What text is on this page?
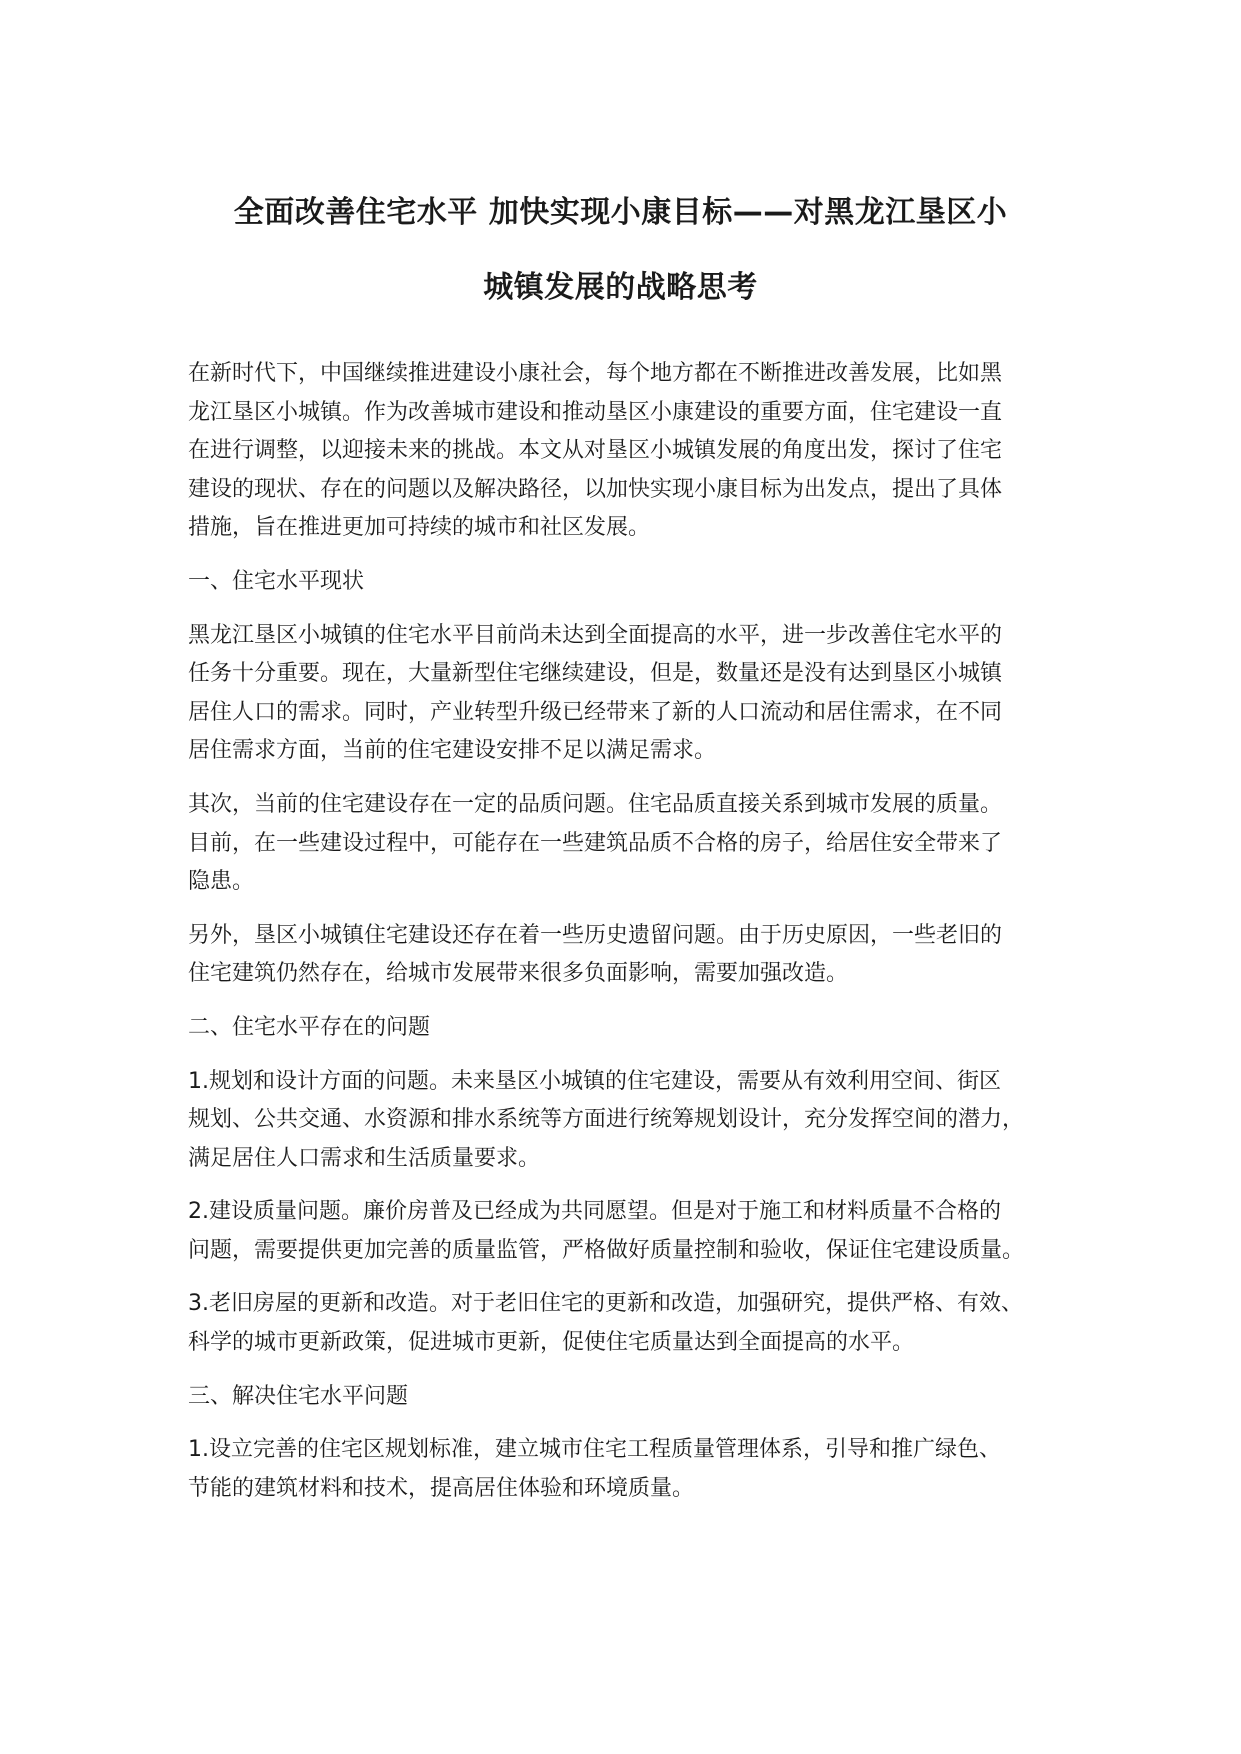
全面改善住宅水平 加快实现小康目标——对黑龙江垦区小
城镇发展的战略思考
在新时代下，中国继续推进建设小康社会，每个地方都在不断推进改善发展，比如黑
龙江垦区小城镇。作为改善城市建设和推动垦区小康建设的重要方面，住宅建设一直
在进行调整，以迎接未来的挑战。本文从对垦区小城镇发展的角度出发，探讨了住宅
建设的现状、存在的问题以及解决路径，以加快实现小康目标为出发点，提出了具体
措施，旨在推进更加可持续的城市和社区发展。
一、住宅水平现状
黑龙江垦区小城镇的住宅水平目前尚未达到全面提高的水平，进一步改善住宅水平的
任务十分重要。现在，大量新型住宅继续建设，但是，数量还是没有达到垦区小城镇
居住人口的需求。同时，产业转型升级已经带来了新的人口流动和居住需求，在不同
居住需求方面，当前的住宅建设安排不足以满足需求。
其次，当前的住宅建设存在一定的品质问题。住宅品质直接关系到城市发展的质量。
目前，在一些建设过程中，可能存在一些建筑品质不合格的房子，给居住安全带来了
隐患。
另外，垦区小城镇住宅建设还存在着一些历史遗留问题。由于历史原因，一些老旧的
住宅建筑仍然存在，给城市发展带来很多负面影响，需要加强改造。
二、住宅水平存在的问题
1.规划和设计方面的问题。未来垦区小城镇的住宅建设，需要从有效利用空间、街区
规划、公共交通、水资源和排水系统等方面进行统筹规划设计，充分发挥空间的潜力，
满足居住人口需求和生活质量要求。
2.建设质量问题。廉价房普及已经成为共同愿望。但是对于施工和材料质量不合格的
问题，需要提供更加完善的质量监管，严格做好质量控制和验收，保证住宅建设质量。
3.老旧房屋的更新和改造。对于老旧住宅的更新和改造，加强研究，提供严格、有效、
科学的城市更新政策，促进城市更新，促使住宅质量达到全面提高的水平。
三、解决住宅水平问题
1.设立完善的住宅区规划标准，建立城市住宅工程质量管理体系，引导和推广绿色、
节能的建筑材料和技术，提高居住体验和环境质量。
